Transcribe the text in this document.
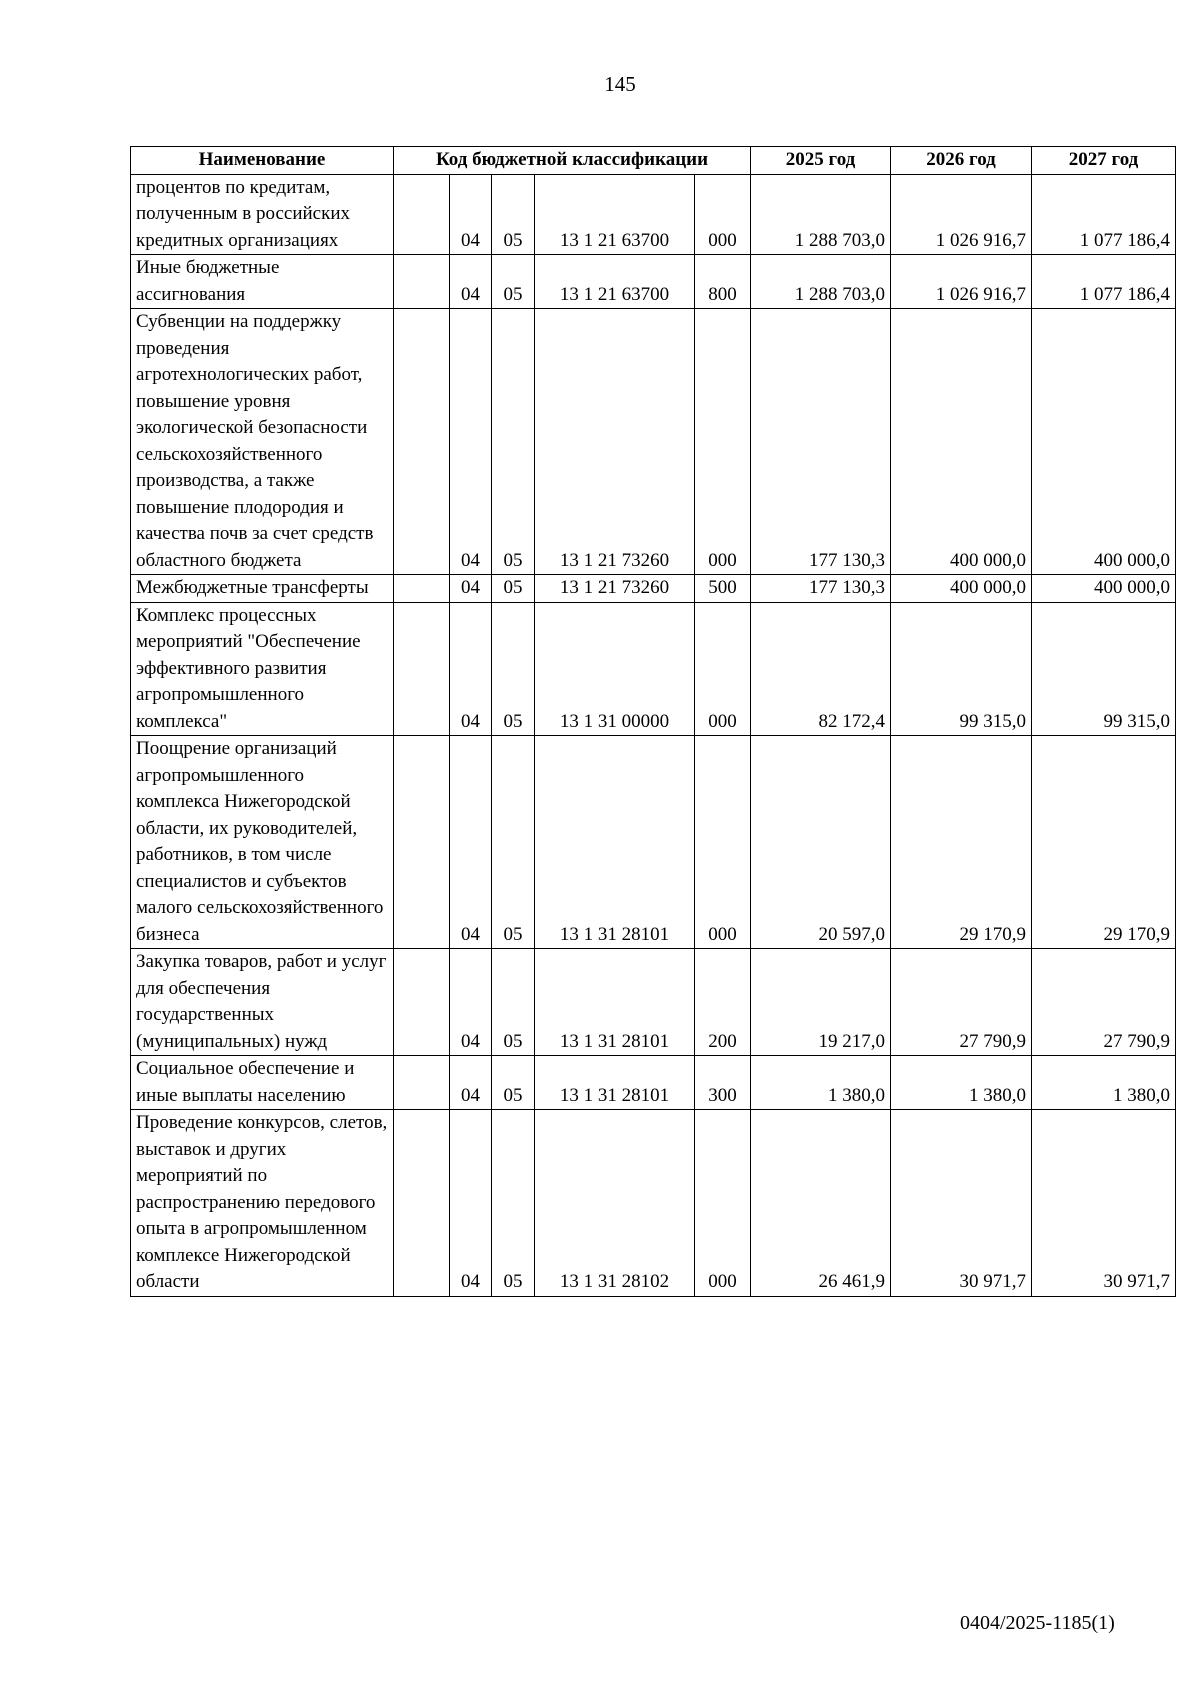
145
Наименование	Код бюджетной классификации					2025 год	2026 год	2027 год
процентов по кредитам, полученным в российских кредитных организациях		04	05	13 1 21 63700	000	1 288 703,0	1 026 916,7	1 077 186,4
Иные бюджетные ассигнования		04	05	13 1 21 63700	800	1 288 703,0	1 026 916,7	1 077 186,4
Субвенции на поддержку проведения агротехнологических работ, повышение уровня экологической безопасности сельскохозяйственного производства, а также повышение плодородия и качества почв за счет средств областного бюджета		04	05	13 1 21 73260	000	177 130,3	400 000,0	400 000,0
Межбюджетные трансферты		04	05	13 1 21 73260	500	177 130,3	400 000,0	400 000,0
Комплекс процессных мероприятий "Обеспечение эффективного развития агропромышленного комплекса"		04	05	13 1 31 00000	000	82 172,4	99 315,0	99 315,0
Поощрение организаций агропромышленного комплекса Нижегородской области, их руководителей, работников, в том числе специалистов и субъектов малого сельскохозяйственного бизнеса		04	05	13 1 31 28101	000	20 597,0	29 170,9	29 170,9
Закупка товаров, работ и услуг для обеспечения государственных (муниципальных) нужд		04	05	13 1 31 28101	200	19 217,0	27 790,9	27 790,9
Социальное обеспечение и иные выплаты населению		04	05	13 1 31 28101	300	1 380,0	1 380,0	1 380,0
Проведение конкурсов, слетов, выставок и других мероприятий по распространению передового опыта в агропромышленном комплексе Нижегородской области		04	05	13 1 31 28102	000	26 461,9	30 971,7	30 971,7
0404/2025-1185(1)
